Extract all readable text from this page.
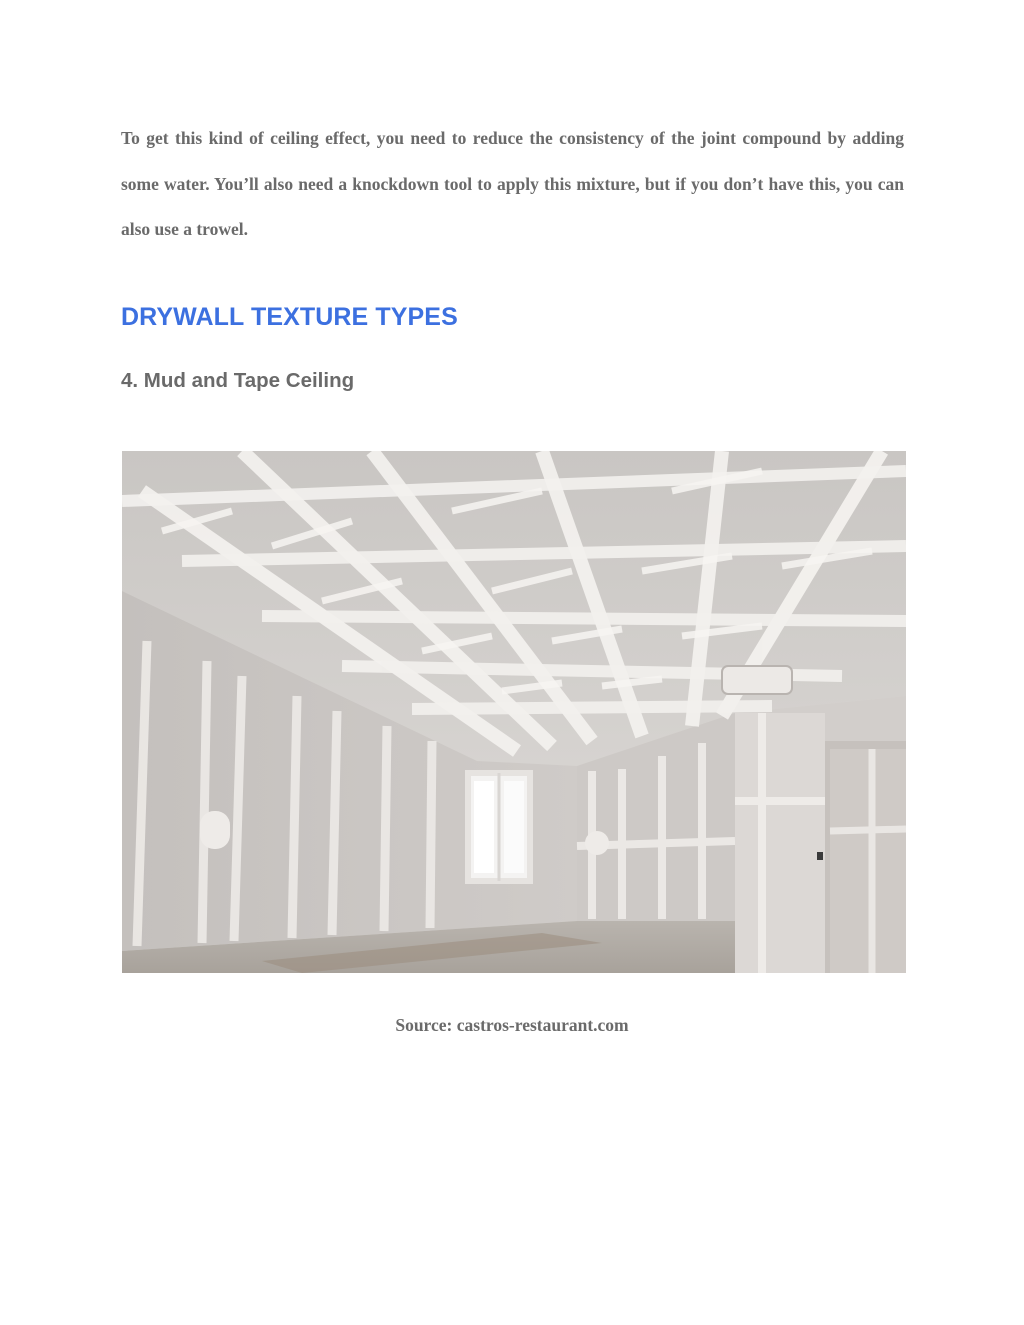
To get this kind of ceiling effect, you need to reduce the consistency of the joint compound by adding some water. You’ll also need a knockdown tool to apply this mixture, but if you don’t have this, you can also use a trowel.

DRYWALL TEXTURE TYPES
4. Mud and Tape Ceiling

Source: castros-restaurant.com
